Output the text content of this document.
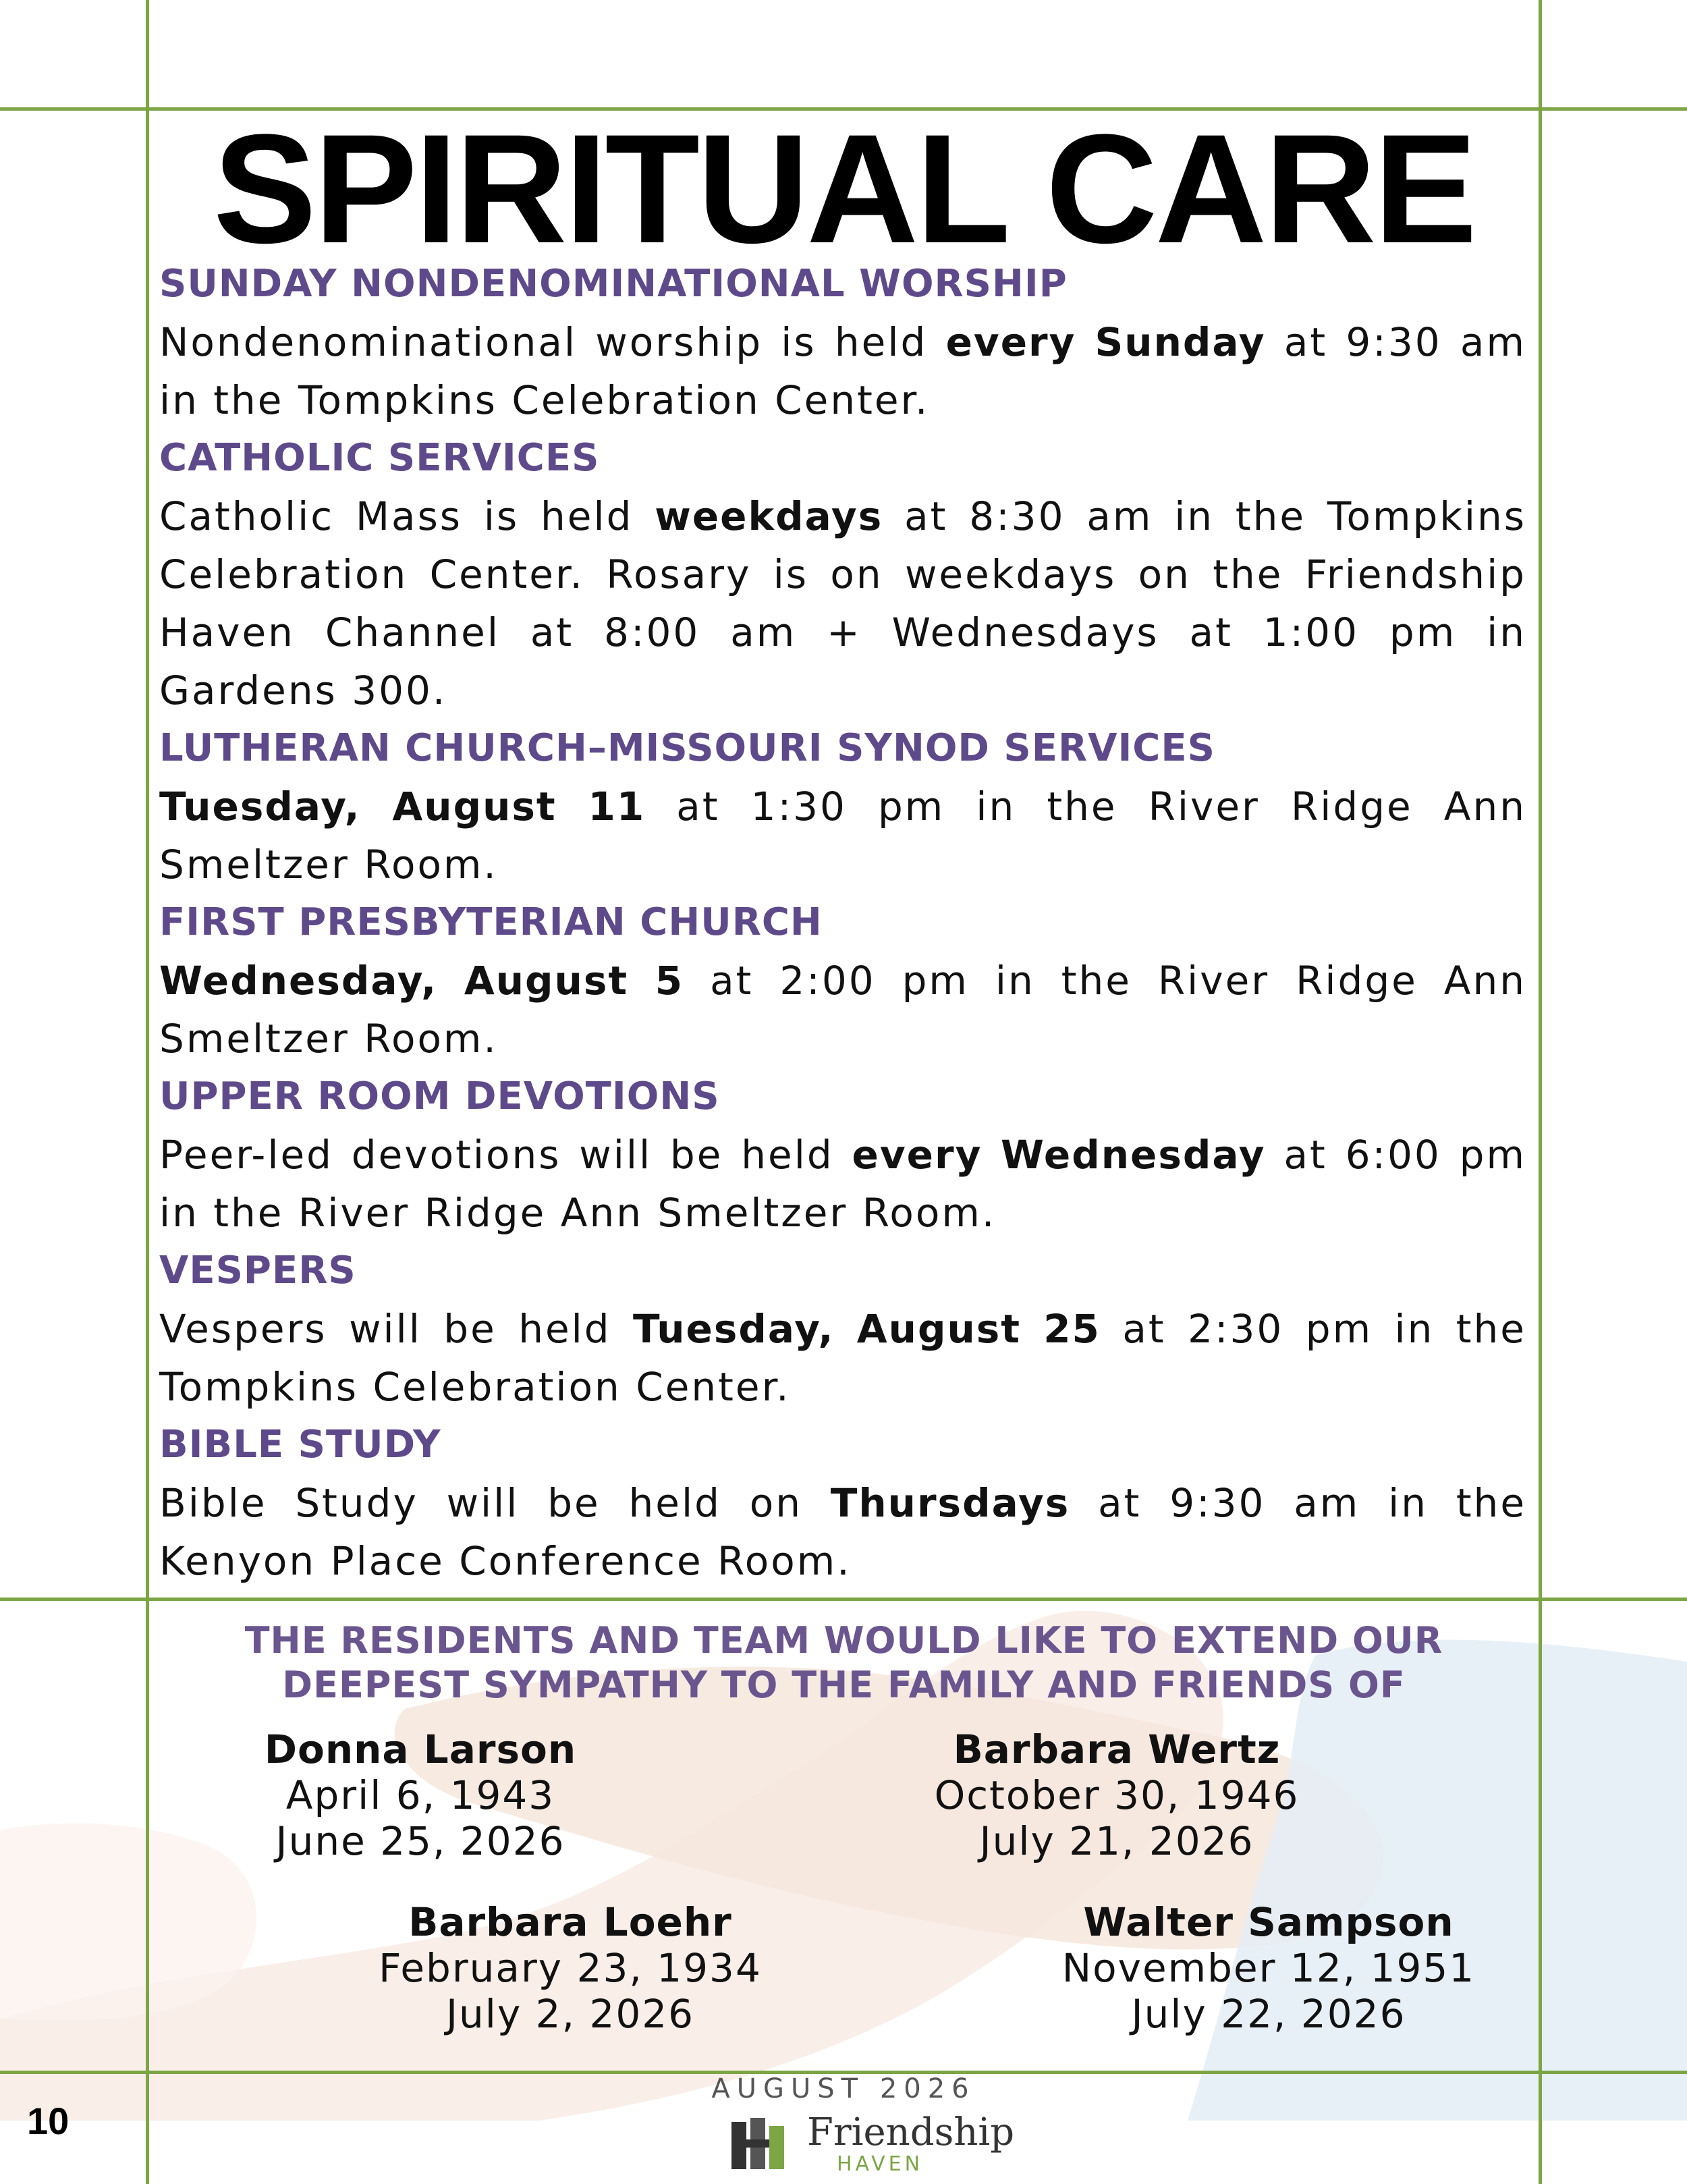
SPIRITUAL CARE
SUNDAY NONDENOMINATIONAL WORSHIP
Nondenominational worship is held every Sunday at 9:30 am in the Tompkins Celebration Center.
CATHOLIC SERVICES
Catholic Mass is held weekdays at 8:30 am in the Tompkins Celebration Center. Rosary is on weekdays on the Friendship Haven Channel at 8:00 am + Wednesdays at 1:00 pm in Gardens 300.
LUTHERAN CHURCH–MISSOURI SYNOD SERVICES
Tuesday, August 11 at 1:30 pm in the River Ridge Ann Smeltzer Room.
FIRST PRESBYTERIAN CHURCH
Wednesday, August 5 at 2:00 pm in the River Ridge Ann Smeltzer Room.
UPPER ROOM DEVOTIONS
Peer-led devotions will be held every Wednesday at 6:00 pm in the River Ridge Ann Smeltzer Room.
VESPERS
Vespers will be held Tuesday, August 25 at 2:30 pm in the Tompkins Celebration Center.
BIBLE STUDY
Bible Study will be held on Thursdays at 9:30 am in the Kenyon Place Conference Room.
THE RESIDENTS AND TEAM WOULD LIKE TO EXTEND OUR
DEEPEST SYMPATHY TO THE FAMILY AND FRIENDS OF
Donna Larson
April 6, 1943
June 25, 2026
Barbara Wertz
October 30, 1946
July 21, 2026
Barbara Loehr
February 23, 1934
July 2, 2026
Walter Sampson
November 12, 1951
July 22, 2026
10
AUGUST 2026
Friendship
HAVEN
